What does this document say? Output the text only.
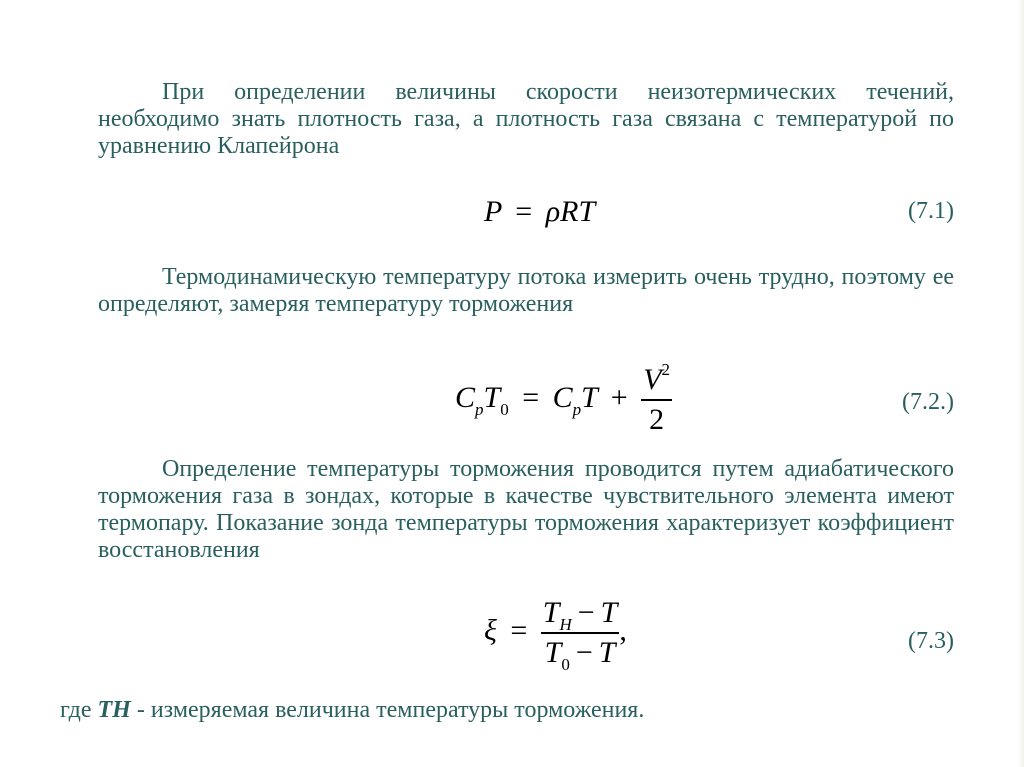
При определении величины скорости неизотермических течений, необходимо знать плотность газа, а плотность газа связана с температурой по уравнению Клапейрона

P = ρRT	(7.1)

Термодинамическую температуру потока измерить очень трудно, поэтому ее определяют, замеряя температуру торможения

$C_pT_0 = C_pT + \frac{V^2}{2}$	(7.2.)

Определение температуры торможения проводится путем адиабатического торможения газа в зондах, которые в качестве чувствительного элемента имеют термопару. Показание зонда температуры торможения характеризует коэффициент восстановления

$\xi = \frac{T_H - T}{T_0 - T}$ ,	(7.3)

где ТН - измеряемая величина температуры торможения.
